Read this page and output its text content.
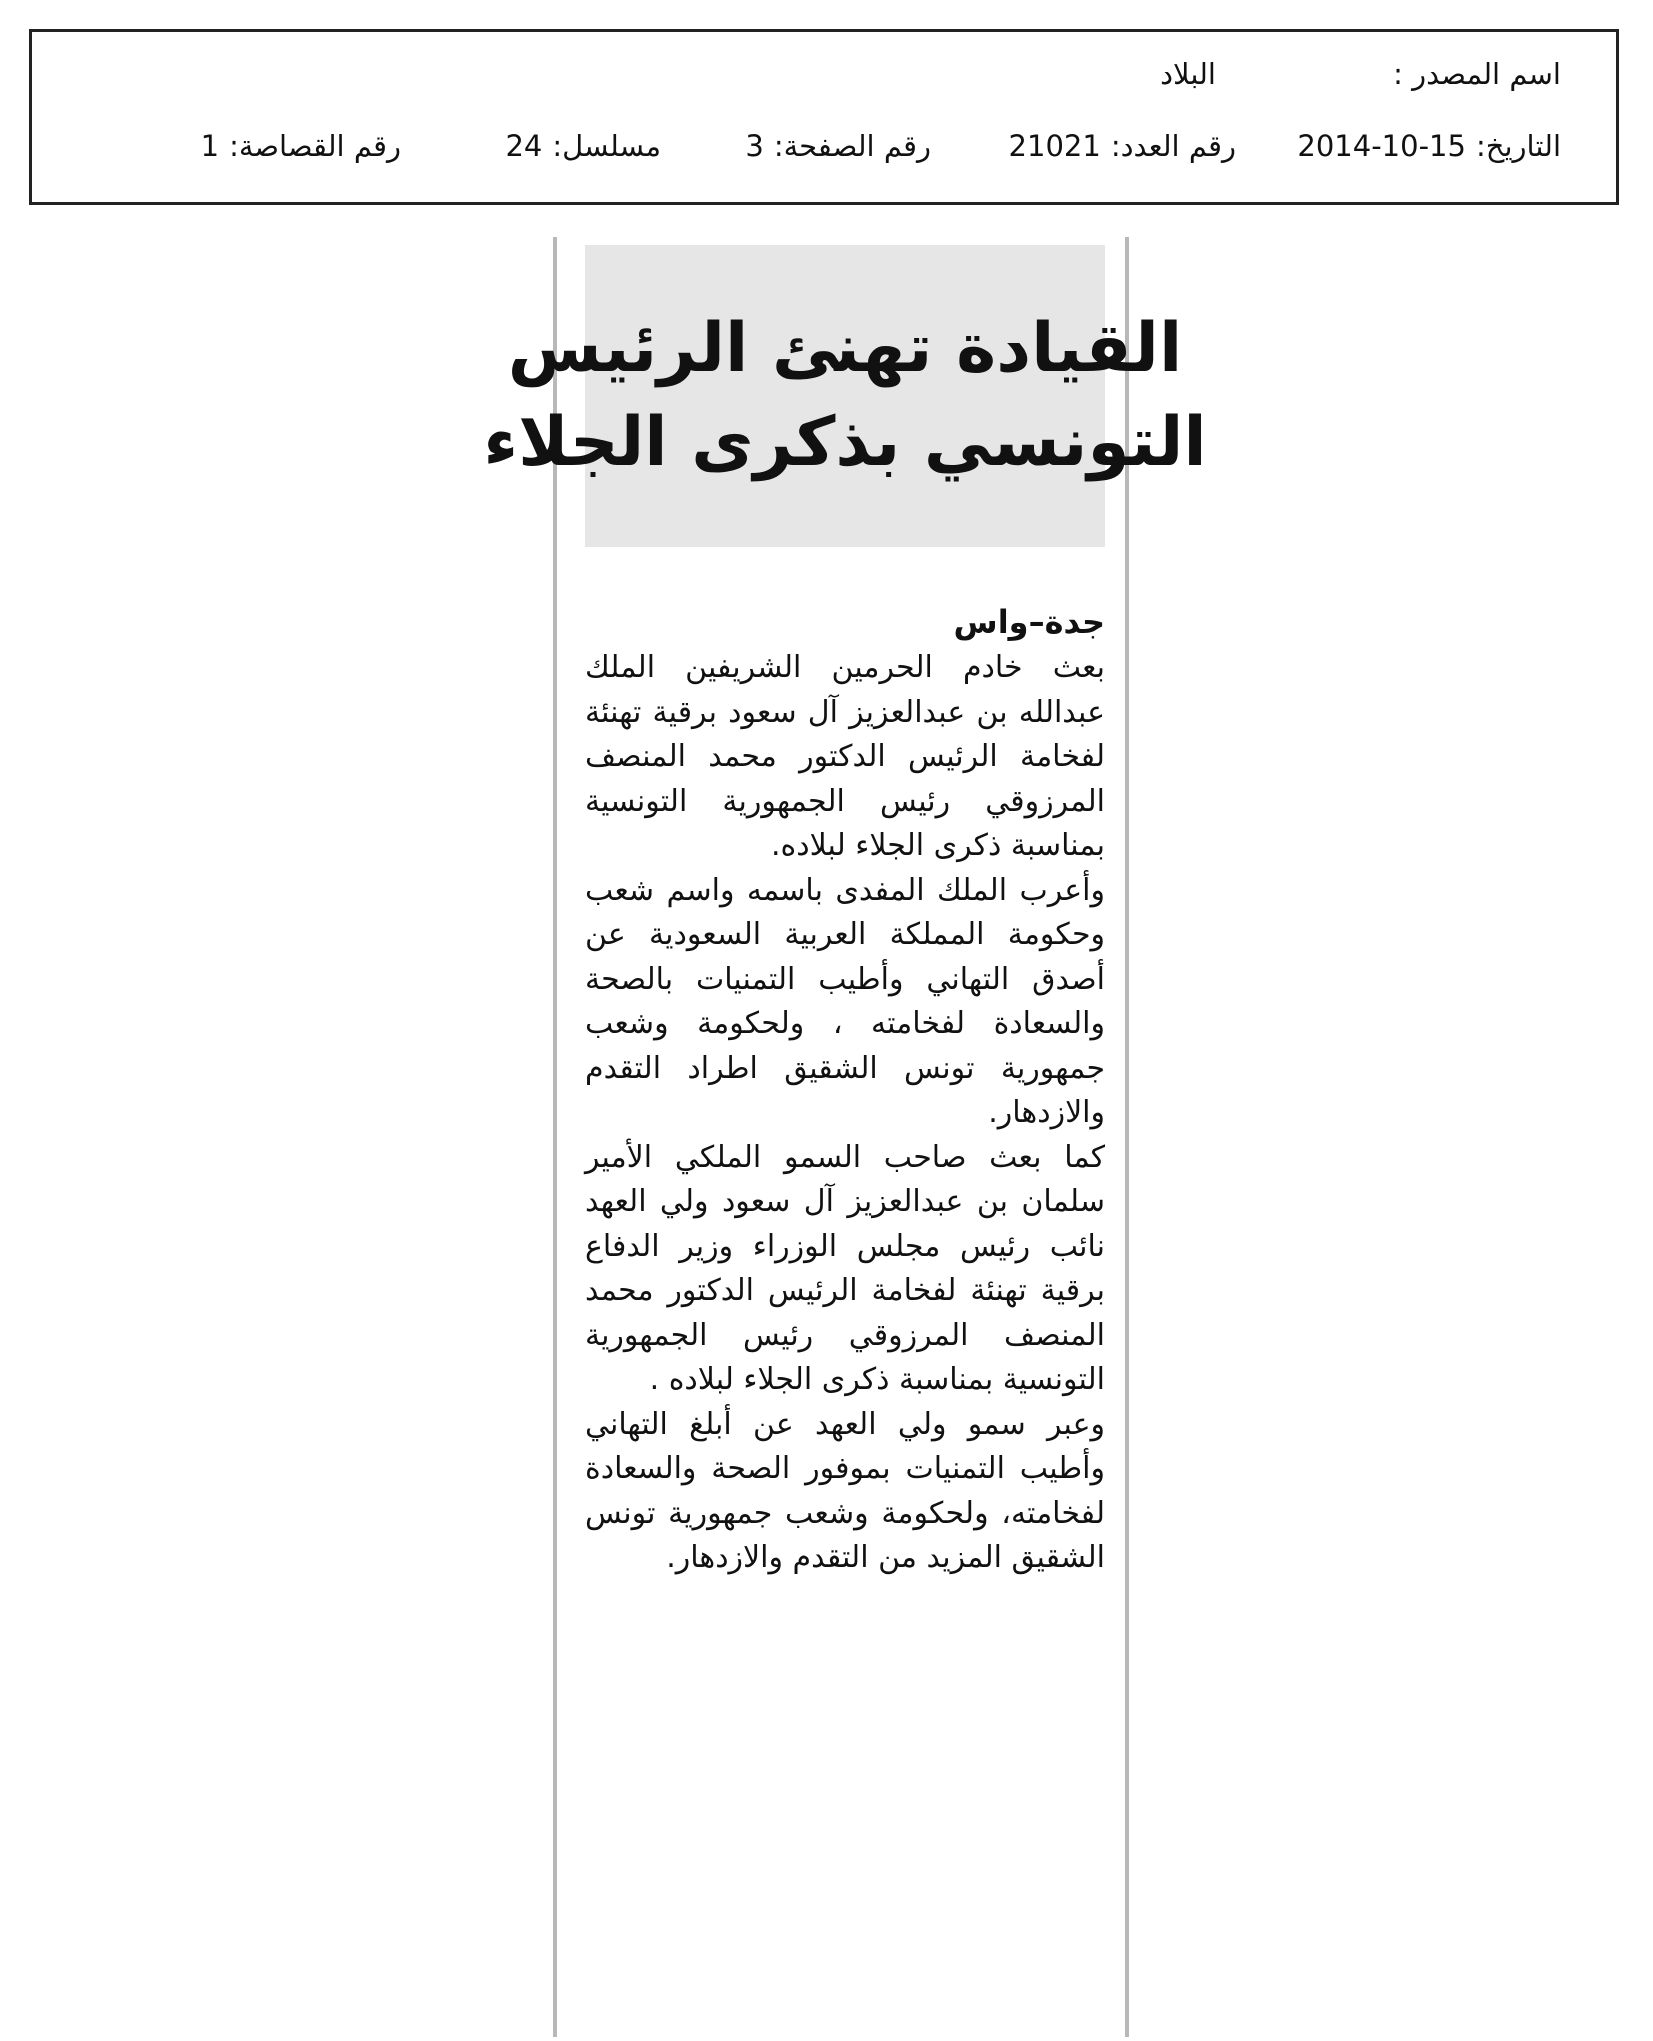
اسم المصدر :
البلاد
التاريخ:15-10-2014
رقم العدد:21021
رقم الصفحة:3
مسلسل:24
رقم القصاصة:1
القيادة تهنئ الرئيس
التونسي بذكرى الجلاء
جدة–واس
بعث خادم الحرمين الشريفين الملك عبدالله بن عبدالعزيز آل سعود برقية تهنئة لفخامة الرئيس الدكتور محمد المنصف المرزوقي رئيس الجمهورية التونسية بمناسبة ذكرى الجلاء لبلاده.
وأعرب الملك المفدى باسمه واسم شعب وحكومة المملكة العربية السعودية عن أصدق التهاني وأطيب التمنيات بالصحة والسعادة لفخامته ، ولحكومة وشعب جمهورية تونس الشقيق اطراد التقدم والازدهار.
كما بعث صاحب السمو الملكي الأمير سلمان بن عبدالعزيز آل سعود ولي العهد نائب رئيس مجلس الوزراء وزير الدفاع برقية تهنئة لفخامة الرئيس الدكتور محمد المنصف المرزوقي رئيس الجمهورية التونسية بمناسبة ذكرى الجلاء لبلاده .
وعبر سمو ولي العهد عن أبلغ التهاني وأطيب التمنيات بموفور الصحة والسعادة لفخامته، ولحكومة وشعب جمهورية تونس الشقيق المزيد من التقدم والازدهار.
